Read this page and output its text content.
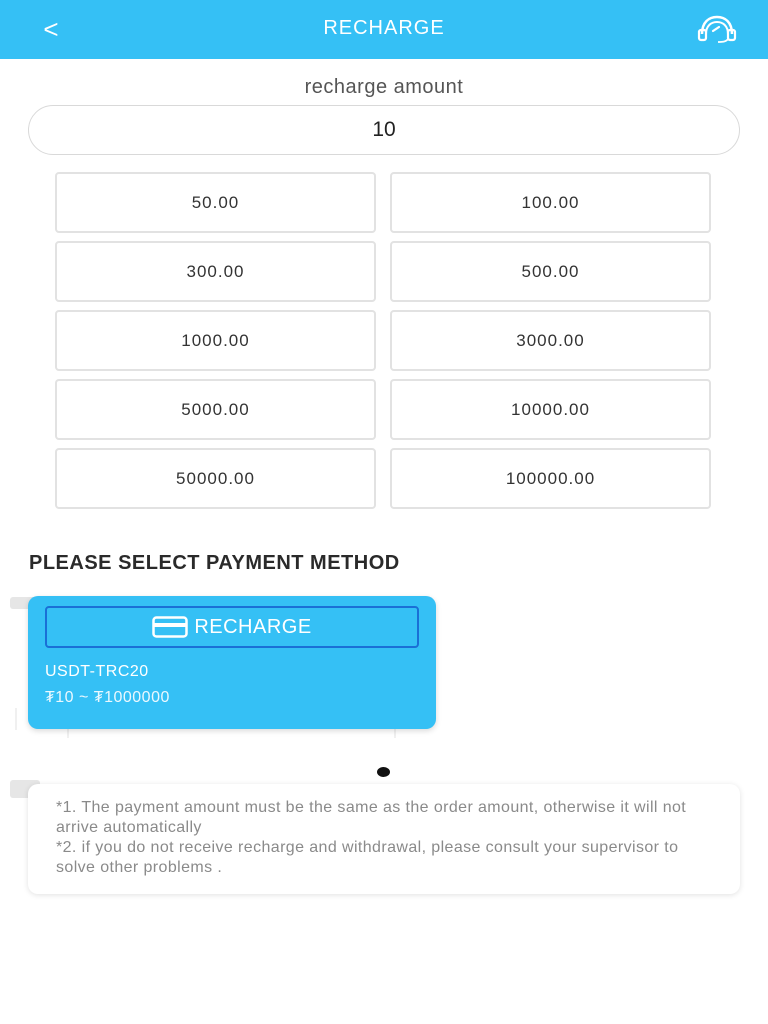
<	RECHARGE
recharge amount
10
50.00	100.00
300.00	500.00
1000.00	3000.00
5000.00	10000.00
50000.00	100000.00
PLEASE SELECT PAYMENT METHOD
RECHARGE
USDT-TRC20
₮10 ~ ₮1000000

*1. The payment amount must be the same as the order amount, otherwise it will not arrive automatically

*2. if you do not receive recharge and withdrawal, please consult your supervisor to solve other problems .
